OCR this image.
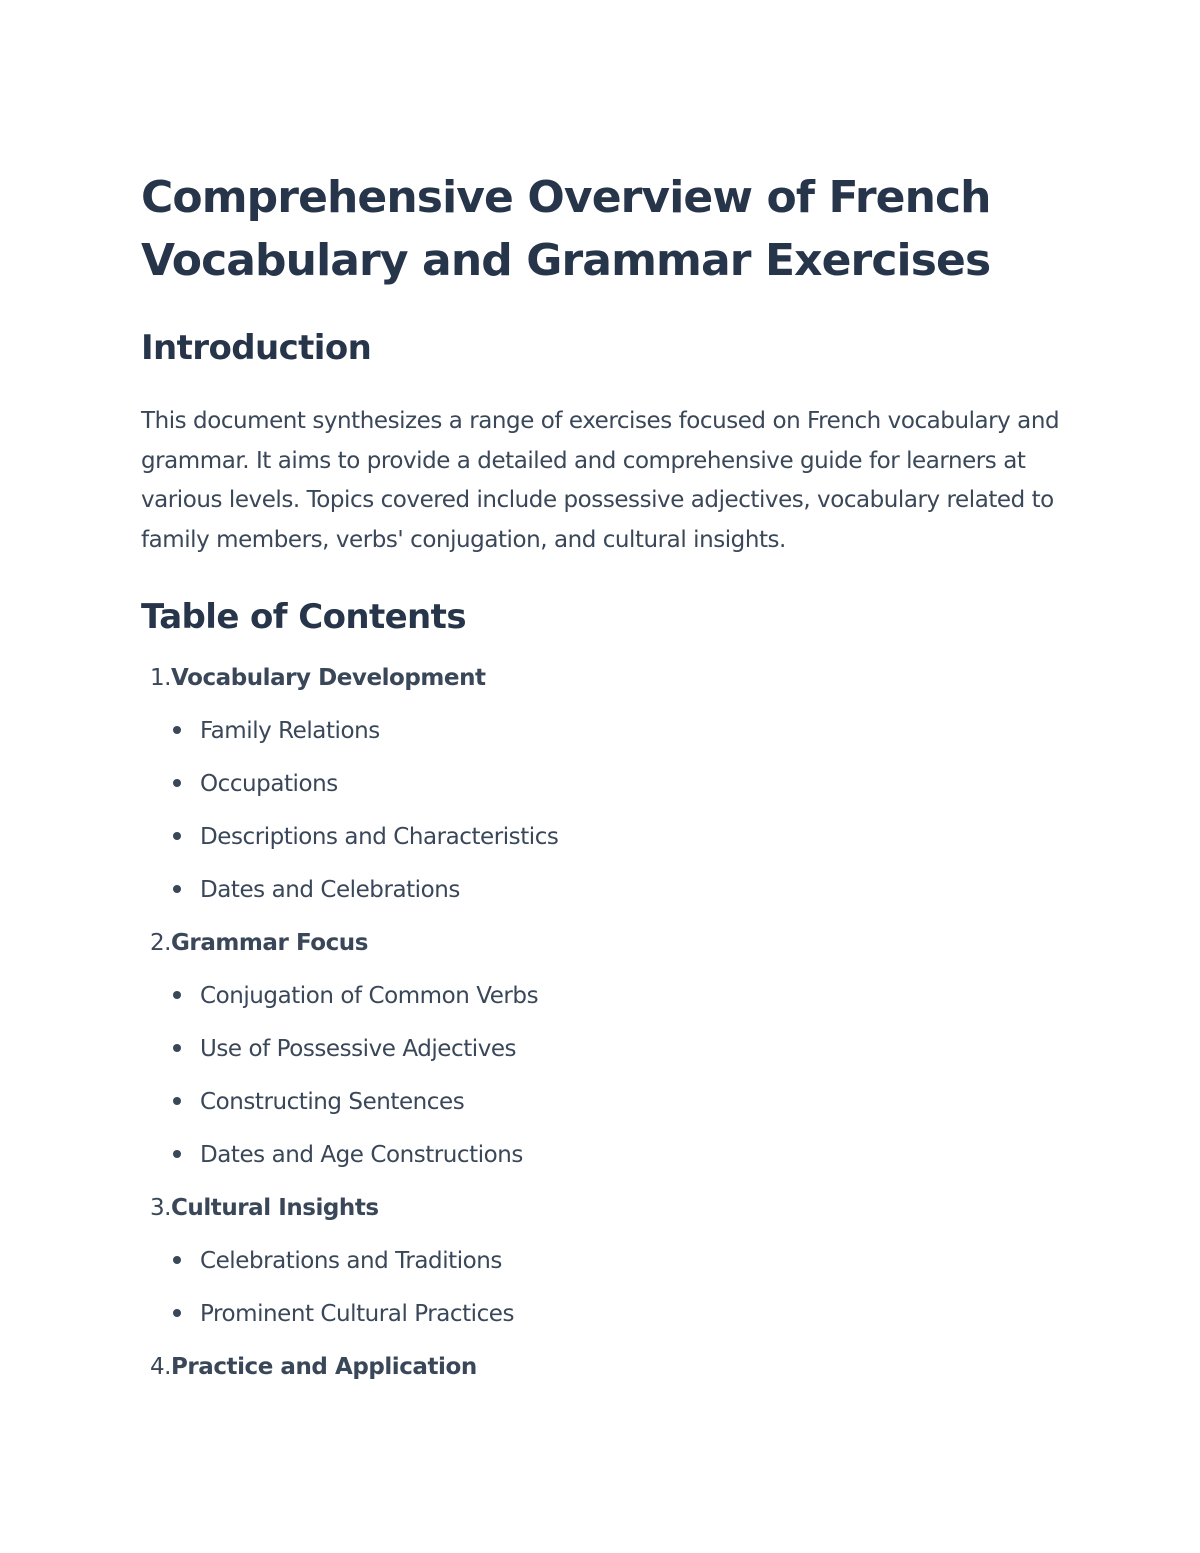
Comprehensive Overview of French Vocabulary and Grammar Exercises
Introduction

This document synthesizes a range of exercises focused on French vocabulary and grammar. It aims to provide a detailed and comprehensive guide for learners at various levels. Topics covered include possessive adjectives, vocabulary related to family members, verbs' conjugation, and cultural insights.

Table of Contents
1. Vocabulary Development
Family Relations
Occupations
Descriptions and Characteristics
Dates and Celebrations
2. Grammar Focus
Conjugation of Common Verbs
Use of Possessive Adjectives
Constructing Sentences
Dates and Age Constructions
3. Cultural Insights
Celebrations and Traditions
Prominent Cultural Practices
4. Practice and Application
